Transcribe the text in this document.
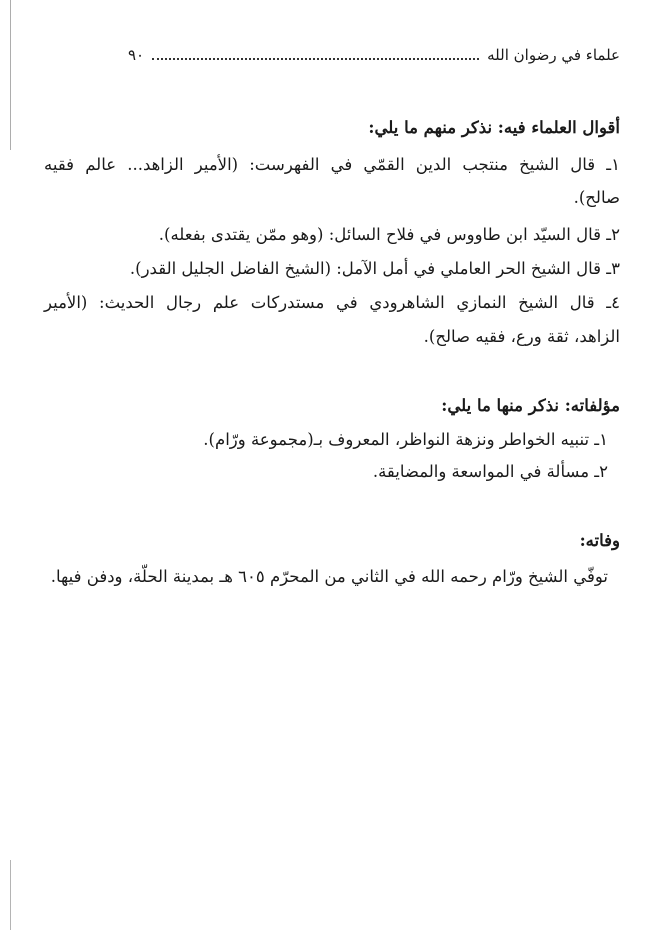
علماء في رضوان الله
٩٠
أقوال العلماء فيه: نذكر منهم ما يلي:
١ـ قال الشيخ منتجب الدين القمّي في الفهرست: (الأمير الزاهد... عالم فقيه
صالح).
٢ـ قال السيّد ابن طاووس في فلاح السائل: (وهو ممّن يقتدى بفعله).
٣ـ قال الشيخ الحر العاملي في أمل الآمل: (الشيخ الفاضل الجليل القدر).
٤ـ قال الشيخ النمازي الشاهرودي في مستدركات علم رجال الحديث: (الأمير
الزاهد، ثقة ورع، فقيه صالح).
مؤلفاته: نذكر منها ما يلي:
١ـ تنبيه الخواطر ونزهة النواظر، المعروف بـ(مجموعة ورّام).
٢ـ مسألة في المواسعة والمضايقة.
وفاته:
توفّي الشيخ ورّام رحمه الله في الثاني من المحرّم ٦٠٥ هـ بمدينة الحلّة، ودفن فيها.
